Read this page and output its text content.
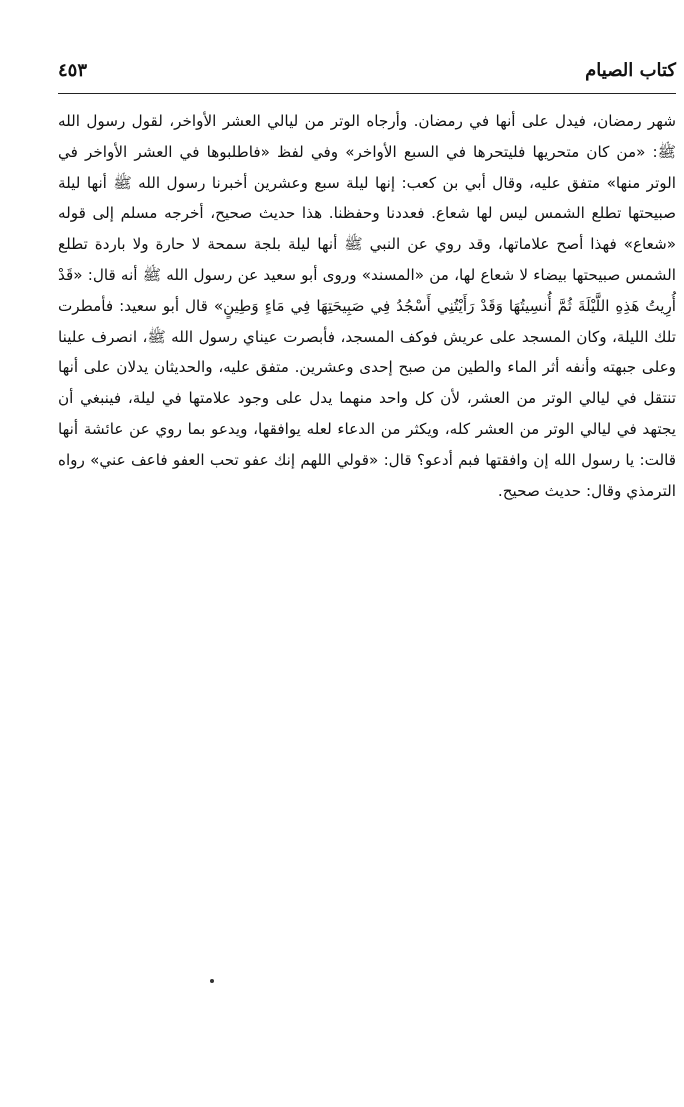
كتاب الصيام
٤٥٣

شهر رمضان، فيدل على أنها في رمضان. وأرجاه الوتر من ليالي العشر الأواخر، لقول رسول الله ﷺ: «من كان متحريها فليتحرها في السبع الأواخر» وفي لفظ «فاطلبوها في العشر الأواخر في الوتر منها» متفق عليه، وقال أبي بن كعب: إنها ليلة سبع وعشرين أخبرنا رسول الله ﷺ أنها ليلة صبيحتها تطلع الشمس ليس لها شعاع. فعددنا وحفظنا. هذا حديث صحيح، أخرجه مسلم إلى قوله «شعاع» فهذا أصح علاماتها، وقد روي عن النبي ﷺ أنها ليلة بلجة سمحة لا حارة ولا باردة تطلع الشمس صبيحتها بيضاء لا شعاع لها، من «المسند» وروى أبو سعيد عن رسول الله ﷺ أنه قال: «قَدْ أُرِيتُ هَذِهِ اللَّيْلَةَ ثُمَّ أُنسِيتُهَا وَقَدْ رَأَيْتُنِي أَسْجُدُ فِي صَبِيحَتِهَا فِي مَاءٍ وَطِينٍ» قال أبو سعيد: فأمطرت تلك الليلة، وكان المسجد على عريش فوكف المسجد، فأبصرت عيناي رسول الله ﷺ، انصرف علينا وعلى جبهته وأنفه أثر الماء والطين من صبح إحدى وعشرين. متفق عليه، والحديثان يدلان على أنها تنتقل في ليالي الوتر من العشر، لأن كل واحد منهما يدل على وجود علامتها في ليلة، فينبغي أن يجتهد في ليالي الوتر من العشر كله، ويكثر من الدعاء لعله يوافقها، ويدعو بما روي عن عائشة أنها قالت: يا رسول الله إن وافقتها فبم أدعو؟ قال: «قولي اللهم إنك عفو تحب العفو فاعف عني» رواه الترمذي وقال: حديث صحيح.
